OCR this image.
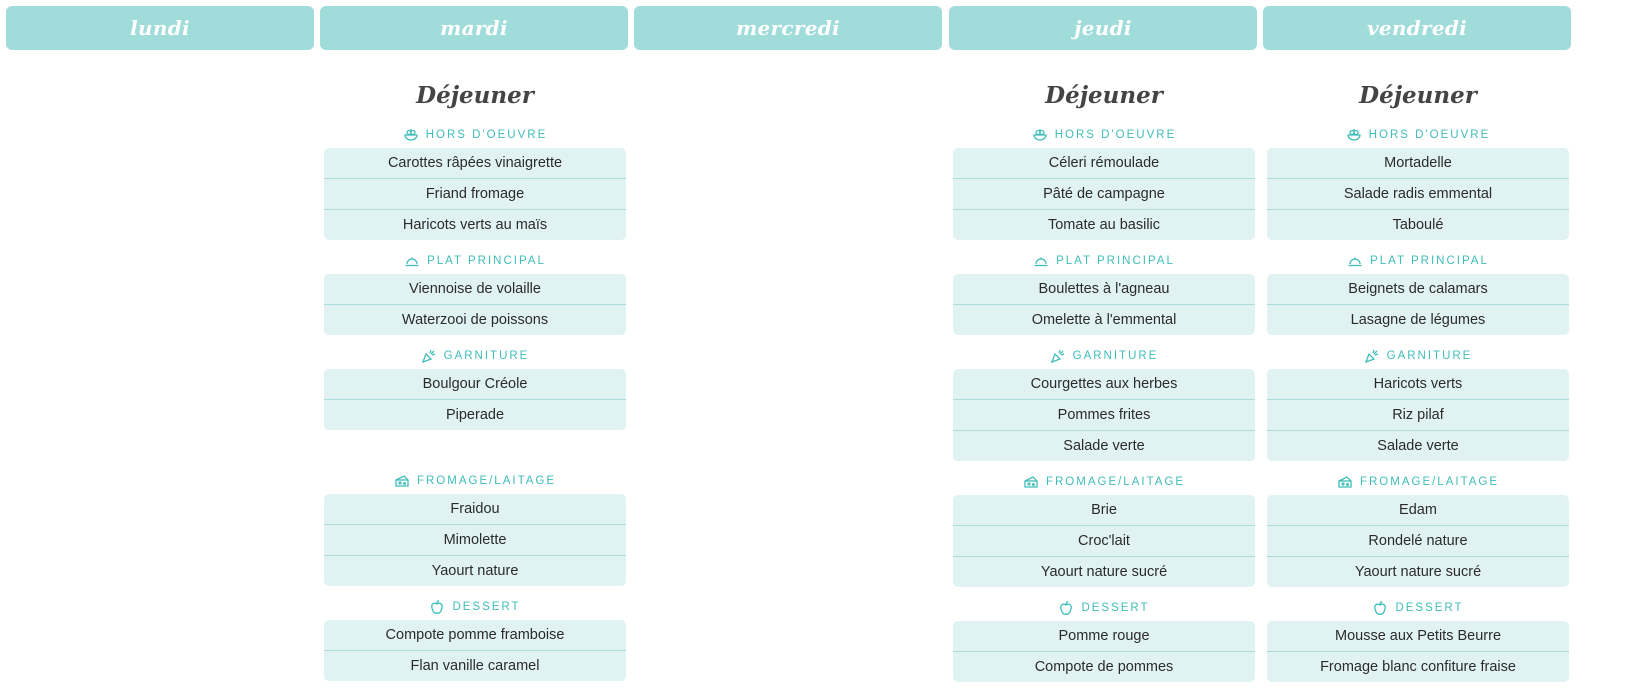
lundi	mardi
Déjeuner
HORS D'OEUVRE
Carottes râpées vinaigrette
Friand fromage
Haricots verts au maïs
PLAT PRINCIPAL
Viennoise de volaille
Waterzooi de poissons
GARNITURE
Boulgour Créole
Piperade
FROMAGE/LAITAGE
Fraidou
Mimolette
Yaourt nature
DESSERT
Compote pomme framboise
Flan vanille caramel
mercredi	jeudi
Déjeuner
HORS D'OEUVRE
Céleri rémoulade
Pâté de campagne
Tomate au basilic
PLAT PRINCIPAL
Boulettes à l'agneau
Omelette à l'emmental
GARNITURE
Courgettes aux herbes
Pommes frites
Salade verte
FROMAGE/LAITAGE
Brie
Croc'lait
Yaourt nature sucré
DESSERT
Pomme rouge
Compote de pommes
vendredi
Déjeuner
HORS D'OEUVRE
Mortadelle
Salade radis emmental
Taboulé
PLAT PRINCIPAL
Beignets de calamars
Lasagne de légumes
GARNITURE
Haricots verts
Riz pilaf
Salade verte
FROMAGE/LAITAGE
Edam
Rondelé nature
Yaourt nature sucré
DESSERT
Mousse aux Petits Beurre
Fromage blanc confiture fraise
